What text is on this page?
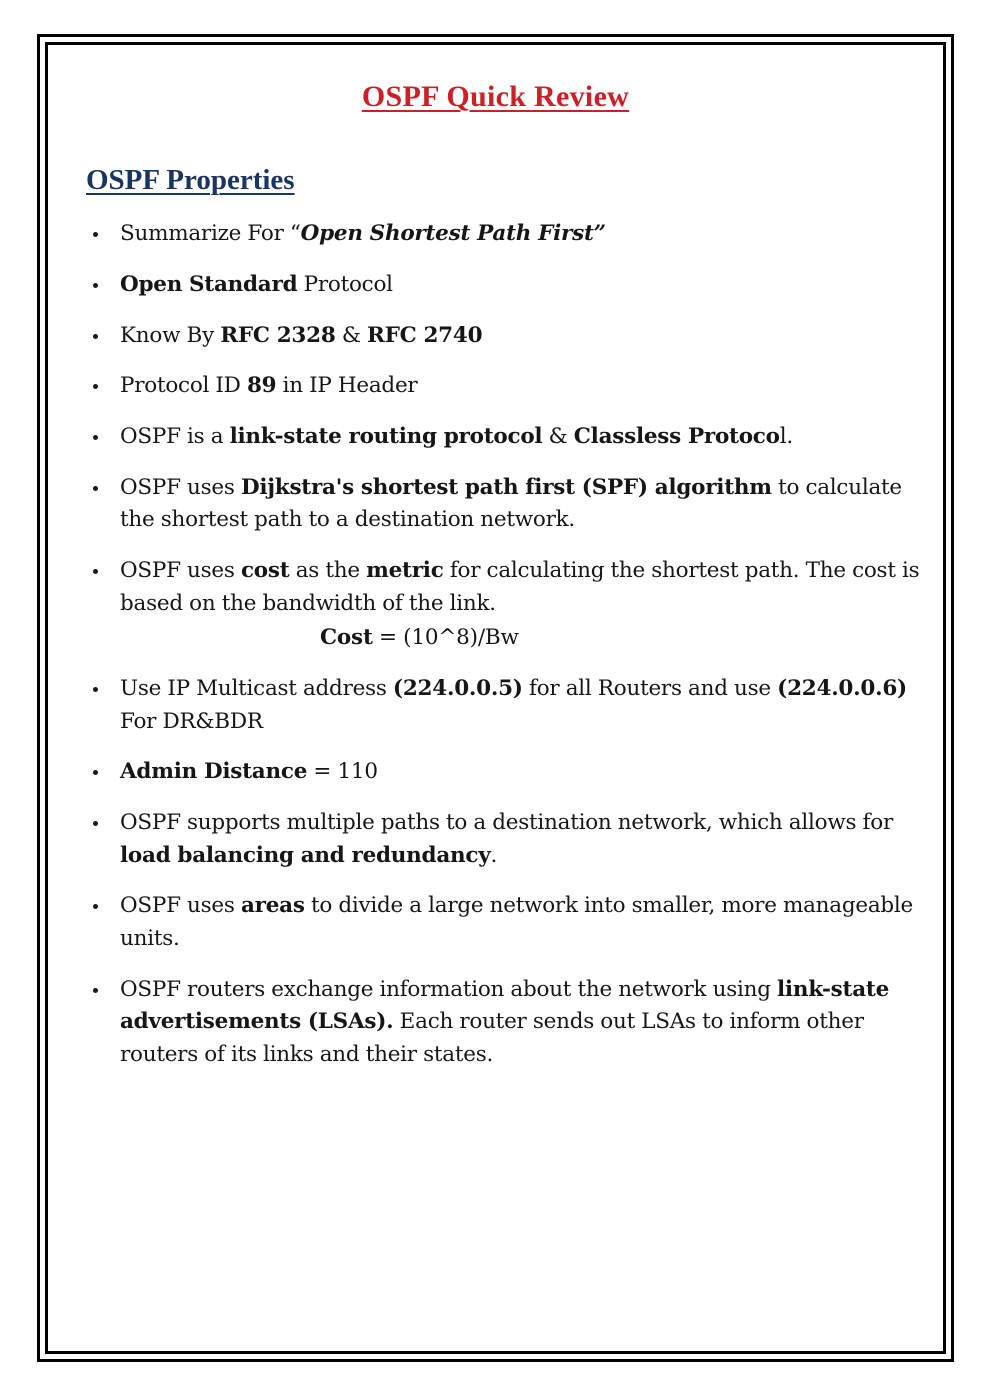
OSPF Quick Review
OSPF Properties
Summarize For “Open Shortest Path First”
Open Standard Protocol
Know By RFC 2328 & RFC 2740
Protocol ID 89 in IP Header
OSPF is a link-state routing protocol & Classless Protocol.
OSPF uses Dijkstra's shortest path first (SPF) algorithm to calculate the shortest path to a destination network.
OSPF uses cost as the metric for calculating the shortest path. The cost is based on the bandwidth of the link.
Cost = (10^8)/Bw
Use IP Multicast address (224.0.0.5) for all Routers and use (224.0.0.6) For DR&BDR
Admin Distance = 110
OSPF supports multiple paths to a destination network, which allows for load balancing and redundancy.
OSPF uses areas to divide a large network into smaller, more manageable units.
OSPF routers exchange information about the network using link-state advertisements (LSAs). Each router sends out LSAs to inform other routers of its links and their states.
